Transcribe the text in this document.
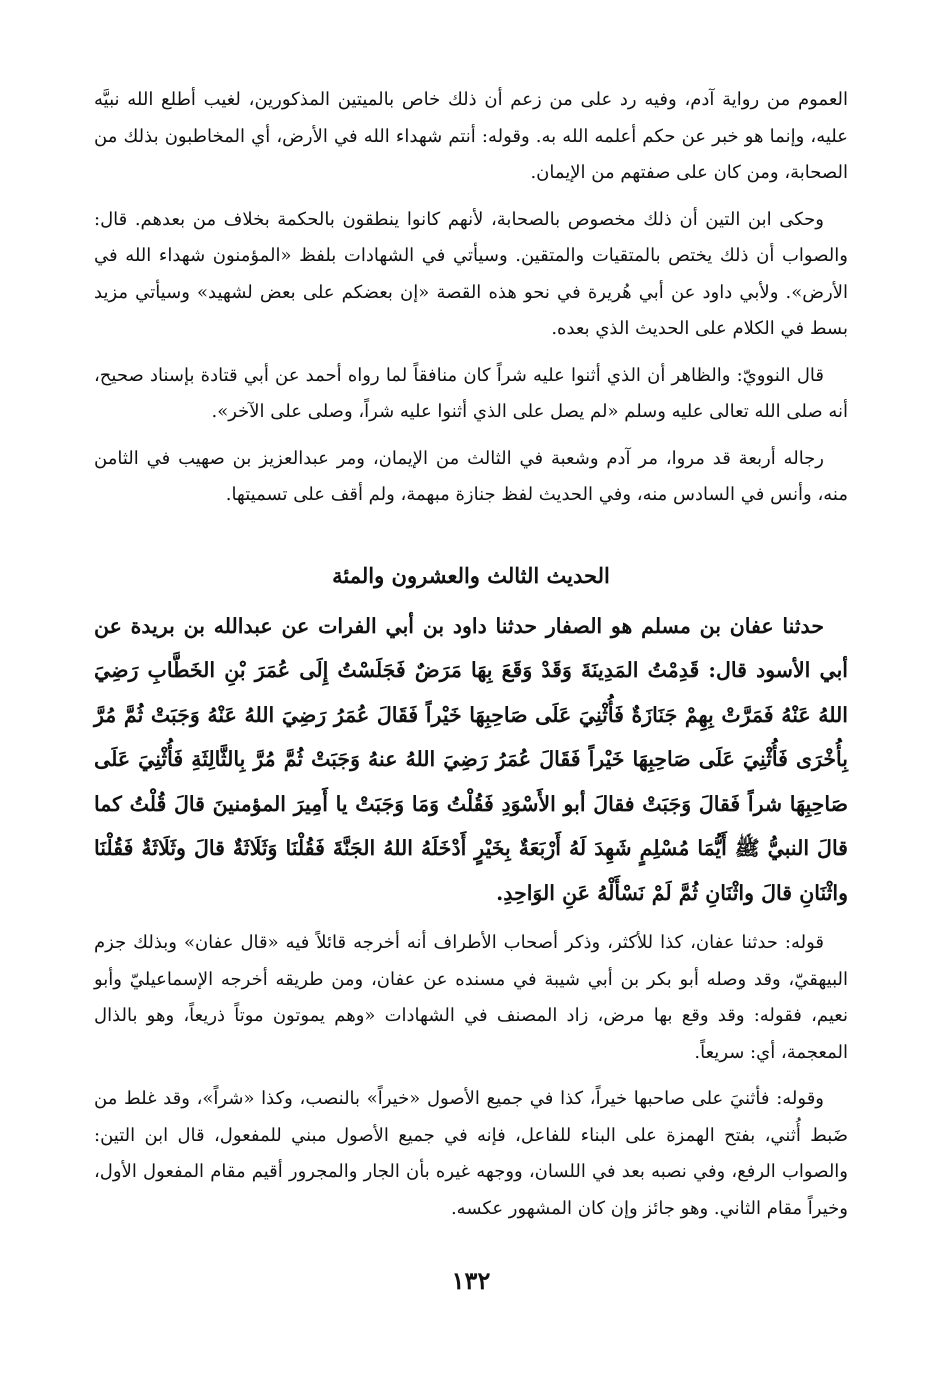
العموم من رواية آدم، وفيه رد على من زعم أن ذلك خاص بالميتين المذكورين، لغيب أطلع الله نبيَّه عليه، وإنما هو خبر عن حكم أعلمه الله به. وقوله: أنتم شهداء الله في الأرض، أي المخاطبون بذلك من الصحابة، ومن كان على صفتهم من الإيمان.

وحكى ابن التين أن ذلك مخصوص بالصحابة، لأنهم كانوا ينطقون بالحكمة بخلاف من بعدهم. قال: والصواب أن ذلك يختص بالمتقيات والمتقين. وسيأتي في الشهادات بلفظ «المؤمنون شهداء الله في الأرض». ولأبي داود عن أبي هُريرة في نحو هذه القصة «إن بعضكم على بعض لشهيد» وسيأتي مزيد بسط في الكلام على الحديث الذي بعده.

قال النوويّ: والظاهر أن الذي أثنوا عليه شراً كان منافقاً لما رواه أحمد عن أبي قتادة بإسناد صحيح، أنه صلى الله تعالى عليه وسلم «لم يصل على الذي أثنوا عليه شراً، وصلى على الآخر».

رجاله أربعة قد مروا، مر آدم وشعبة في الثالث من الإيمان، ومر عبدالعزيز بن صهيب في الثامن منه، وأنس في السادس منه، وفي الحديث لفظ جنازة مبهمة، ولم أقف على تسميتها.

الحديث الثالث والعشرون والمئة

حدثنا عفان بن مسلم هو الصفار حدثنا داود بن أبي الفرات عن عبدالله بن بريدة عن أبي الأسود قال: قَدِمْتُ المَدِينَةَ وَقَدْ وَقَعَ بِهَا مَرَضٌ فَجَلَسْتُ إِلَى عُمَرَ بْنِ الخَطَّابِ رَضِيَ اللهُ عَنْهُ فَمَرَّتْ بِهِمْ جَنَازَةٌ فَأُثْنِيَ عَلَى صَاحِبِهَا خَيْراً فَقَالَ عُمَرُ رَضِيَ اللهُ عَنْهُ وَجَبَتْ ثُمَّ مُرَّ بِأُخْرَى فَأُثْنِيَ عَلَى صَاحِبِهَا خَيْراً فَقَالَ عُمَرُ رَضِيَ اللهُ عنهُ وَجَبَتْ ثُمَّ مُرَّ بِالثَّالِثَةِ فَأُثْنِيَ عَلَى صَاحِبِهَا شراً فَقالَ وَجَبَتْ فقالَ أبو الأَسْوَدِ فَقُلْتُ وَمَا وَجَبَتْ يا أَمِيرَ المؤمنينَ قالَ قُلْتُ كما قالَ النبيُّ ﷺ أَيُّمَا مُسْلِمٍ شَهِدَ لَهُ أَرْبَعَةٌ بِخَيْرٍ أَدْخَلَهُ اللهُ الجَنَّةَ فَقُلْنَا وَثَلَاثَةٌ قالَ وثَلَاثَةٌ فَقُلْنَا واثْنَانِ قالَ واثْنَانِ ثُمَّ لَمْ نَسْأَلْهُ عَنِ الوَاحِدِ.

قوله: حدثنا عفان، كذا للأكثر، وذكر أصحاب الأطراف أنه أخرجه قائلاً فيه «قال عفان» وبذلك جزم البيهقيّ، وقد وصله أبو بكر بن أبي شيبة في مسنده عن عفان، ومن طريقه أخرجه الإسماعيليّ وأبو نعيم، فقوله: وقد وقع بها مرض، زاد المصنف في الشهادات «وهم يموتون موتاً ذريعاً، وهو بالذال المعجمة، أي: سريعاً.

وقوله: فأثنيَ على صاحبها خيراً، كذا في جميع الأصول «خيراً» بالنصب، وكذا «شراً»، وقد غلط من ضَبط أُثني، بفتح الهمزة على البناء للفاعل، فإنه في جميع الأصول مبني للمفعول، قال ابن التين: والصواب الرفع، وفي نصبه بعد في اللسان، ووجهه غيره بأن الجار والمجرور أقيم مقام المفعول الأول، وخيراً مقام الثاني. وهو جائز وإن كان المشهور عكسه.

١٣٢
